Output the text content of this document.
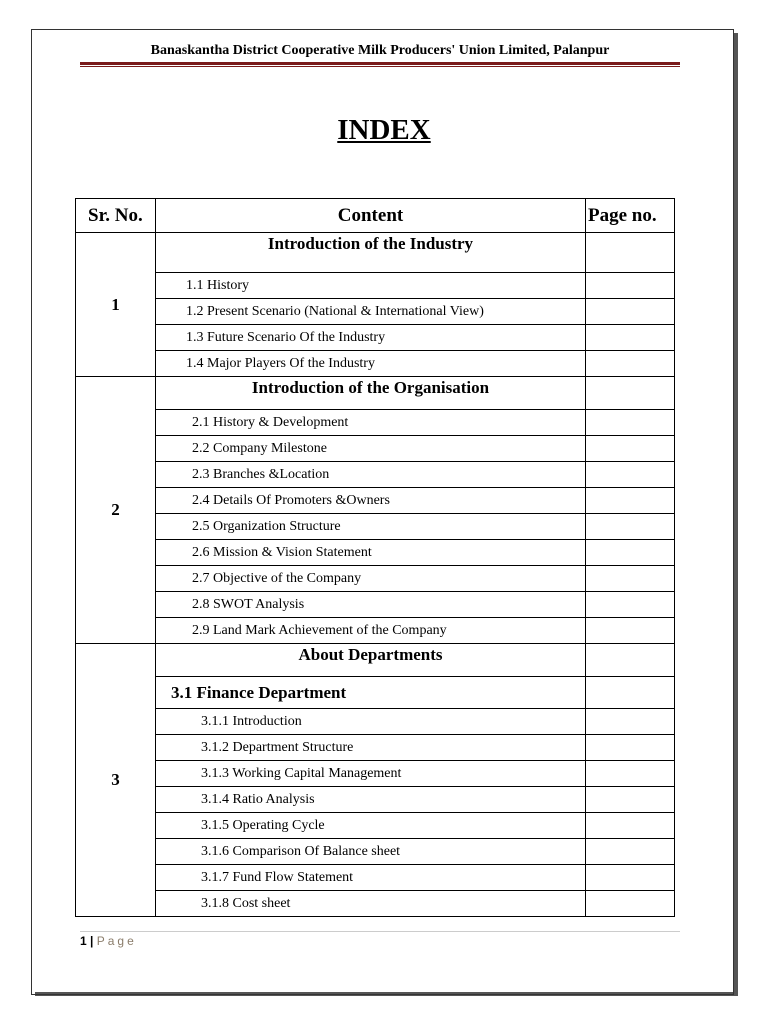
Banaskantha District Cooperative Milk Producers' Union Limited, Palanpur
INDEX
Sr. No.	Content	Page no.
1	Introduction of the Industry	
	1.1 History	
	1.2 Present Scenario (National & International View)	
	1.3 Future Scenario Of the Industry	
	1.4 Major Players Of the Industry	
2	Introduction of the Organisation	
	2.1 History & Development	
	2.2 Company Milestone	
	2.3 Branches &Location	
	2.4 Details Of Promoters &Owners	
	2.5 Organization Structure	
	2.6 Mission & Vision Statement	
	2.7 Objective of the Company	
	2.8 SWOT Analysis	
	2.9 Land Mark Achievement of the Company	
3	About Departments	
	3.1 Finance Department	
	3.1.1 Introduction	
	3.1.2 Department Structure	
	3.1.3 Working Capital Management	
	3.1.4 Ratio Analysis	
	3.1.5 Operating Cycle	
	3.1.6 Comparison Of Balance sheet	
	3.1.7 Fund Flow Statement	
	3.1.8 Cost sheet	
1 | Page
